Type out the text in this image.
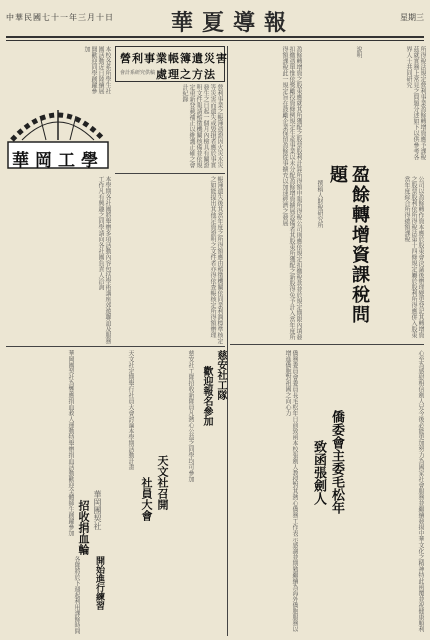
中華民國七十一年三月十日	華夏導報	星期三
所得稅法規定營利事業盈餘轉增資應予課稅茲就實務上常見之問題分述如下以供參考各界人士共同研究
說明
盈餘轉增資課稅問題
撰稿人財稅研究所
盈餘轉增資之股東應就其所獲配之股票股利計算所得額申報所得稅公司則應依規定扣繳稅款並於規定期限內填發扣繳憑單惟依獎勵投資條例規定生產事業以未分配盈餘增資擴展設備者其股東所獲配之新股得免予計入當年度所得額課稅此一規定旨在鼓勵企業保留盈餘從事擴充以加速經濟之發展
公司以盈餘轉作資本應於股東會決議後辦理變更登記其轉增資之股票股利依所得稅法第十四條規定屬於股利所得應併入股東當年度綜合所得總額課稅
心至為感慰相信劍人兄今後必能更加努力為國家社會服務並繼續發揚中華文化之精神特此函覆並祝健康順利
僑委會主委毛松年
致函張劍人
僑務委員會委員長毛松年日前致函本校張劍人教授對其熱心僑務工作表示感謝並期勉繼續為海外僑胞服務以增進僑胞對祖國之向心力
營利事業帳簿遺災害
處理之方法
會計系研究供稿
營利事業之帳簿憑證因火災水災等災害而遺失或毀損者應於事實發生之日起一個月內檢具有關證明文件報請稽徵機關核備並依規定重新登載補正以維護正確之會計紀錄
帳簿遺失後其當年度之所得額應由稽徵機關依同業利潤標準核定之如能提出其他足資證明之文件者亦得依查帳核定所得額辦理
本校各系所學生社團活動近日陸續展開歡迎同學踴躍參加
華岡工學
本學期各社團將舉辦多項活動內容包括學術講座郊遊聯誼及服務工作凡有興趣之同學請向各社團負責人洽詢
慈安社工隊
歡迎報名參加
慈安社工隊招收新隊員凡熱心公益之同學均可參加
天文社召開
社員大會
天文社定期舉行社員大會討論本學期活動計畫
華岡團契社
招收捐血輪
華岡團契社為響應捐血救人運動特舉辦捐血活動歡迎全體師生踴躍參加
各隊將於下週起利用課餘時間 開始進行練習
